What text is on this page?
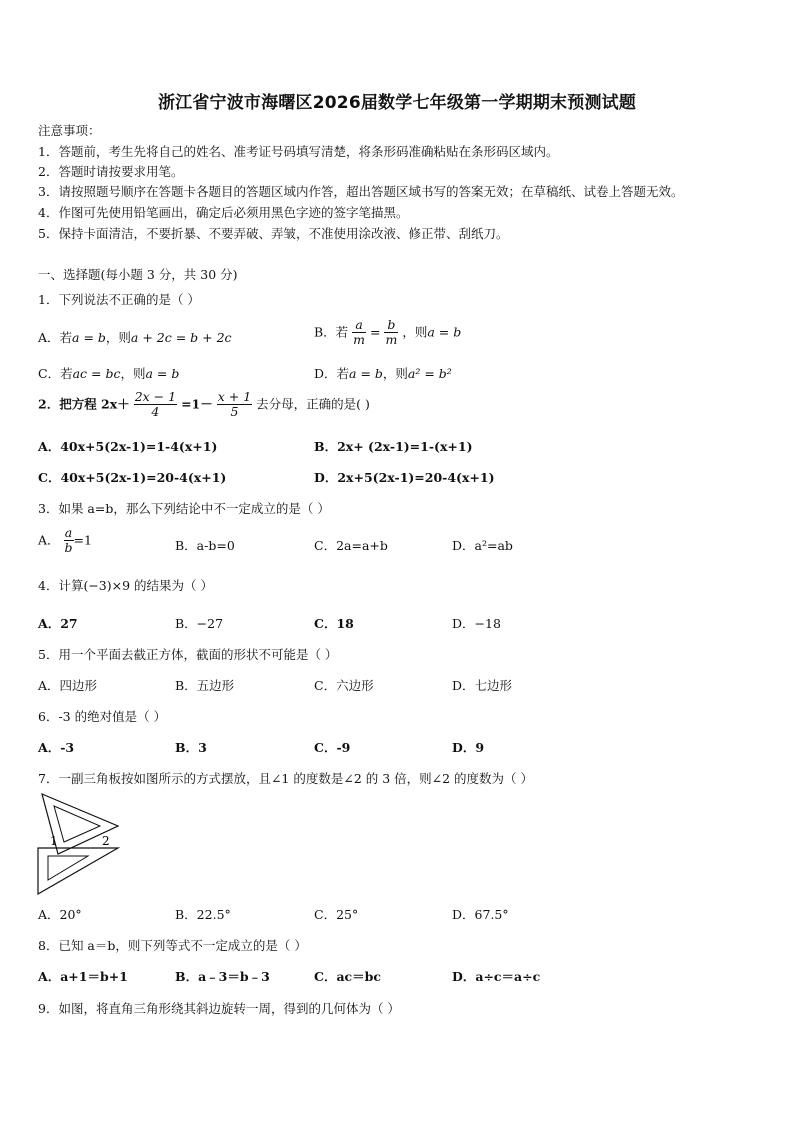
浙江省宁波市海曙区2026届数学七年级第一学期期末预测试题
注意事项：
1．答题前，考生先将自己的姓名、准考证号码填写清楚，将条形码准确粘贴在条形码区域内。
2．答题时请按要求用笔。
3．请按照题号顺序在答题卡各题目的答题区域内作答，超出答题区域书写的答案无效；在草稿纸、试卷上答题无效。
4．作图可先使用铅笔画出，确定后必须用黑色字迹的签字笔描黑。
5．保持卡面清洁，不要折暴、不要弄破、弄皱，不准使用涂改液、修正带、刮纸刀。
一、选择题(每小题 3 分，共 30 分)
1．下列说法不正确的是（ ）
A．若a = b，则a + 2c = b + 2c	B．若 $\frac{a}{m} = \frac{b}{m}$ ，则a = b
C．若ac = bc，则a = b	D．若a = b，则a² = b²
2．把方程 $2x+ \frac{2x - 1}{4} =1- \frac{x + 1}{5}$ 去分母，正确的是( )
A．40x+5(2x-1)=1-4(x+1)	B．2x+ (2x-1)=1-(x+1)
C．40x+5(2x-1)=20-4(x+1)	D．2x+5(2x-1)=20-4(x+1)
3．如果 a=b，那么下列结论中不一定成立的是（ ）
A． $\frac{a}{b} =1$	B．a-b=0	C．2a=a+b	D．a²=ab
4．计算(−3)×9 的结果为（ ）
A．27	B．−27	C．18	D．−18
5．用一个平面去截正方体，截面的形状不可能是（ ）
A．四边形	B．五边形	C．六边形	D．七边形
6．-3 的绝对值是（ ）
A．-3	B．3	C．-9	D．9
7．一副三角板按如图所示的方式摆放，且∠1 的度数是∠2 的 3 倍，则∠2 的度数为（ ）
1	2
A．20°	B．22.5°	C．25°	D．67.5°
8．已知 a＝b，则下列等式不一定成立的是（ ）
A．a+1＝b+1	B．a﹣3＝b﹣3	C．ac＝bc	D．a÷c＝a÷c
9．如图，将直角三角形绕其斜边旋转一周，得到的几何体为（ ）
